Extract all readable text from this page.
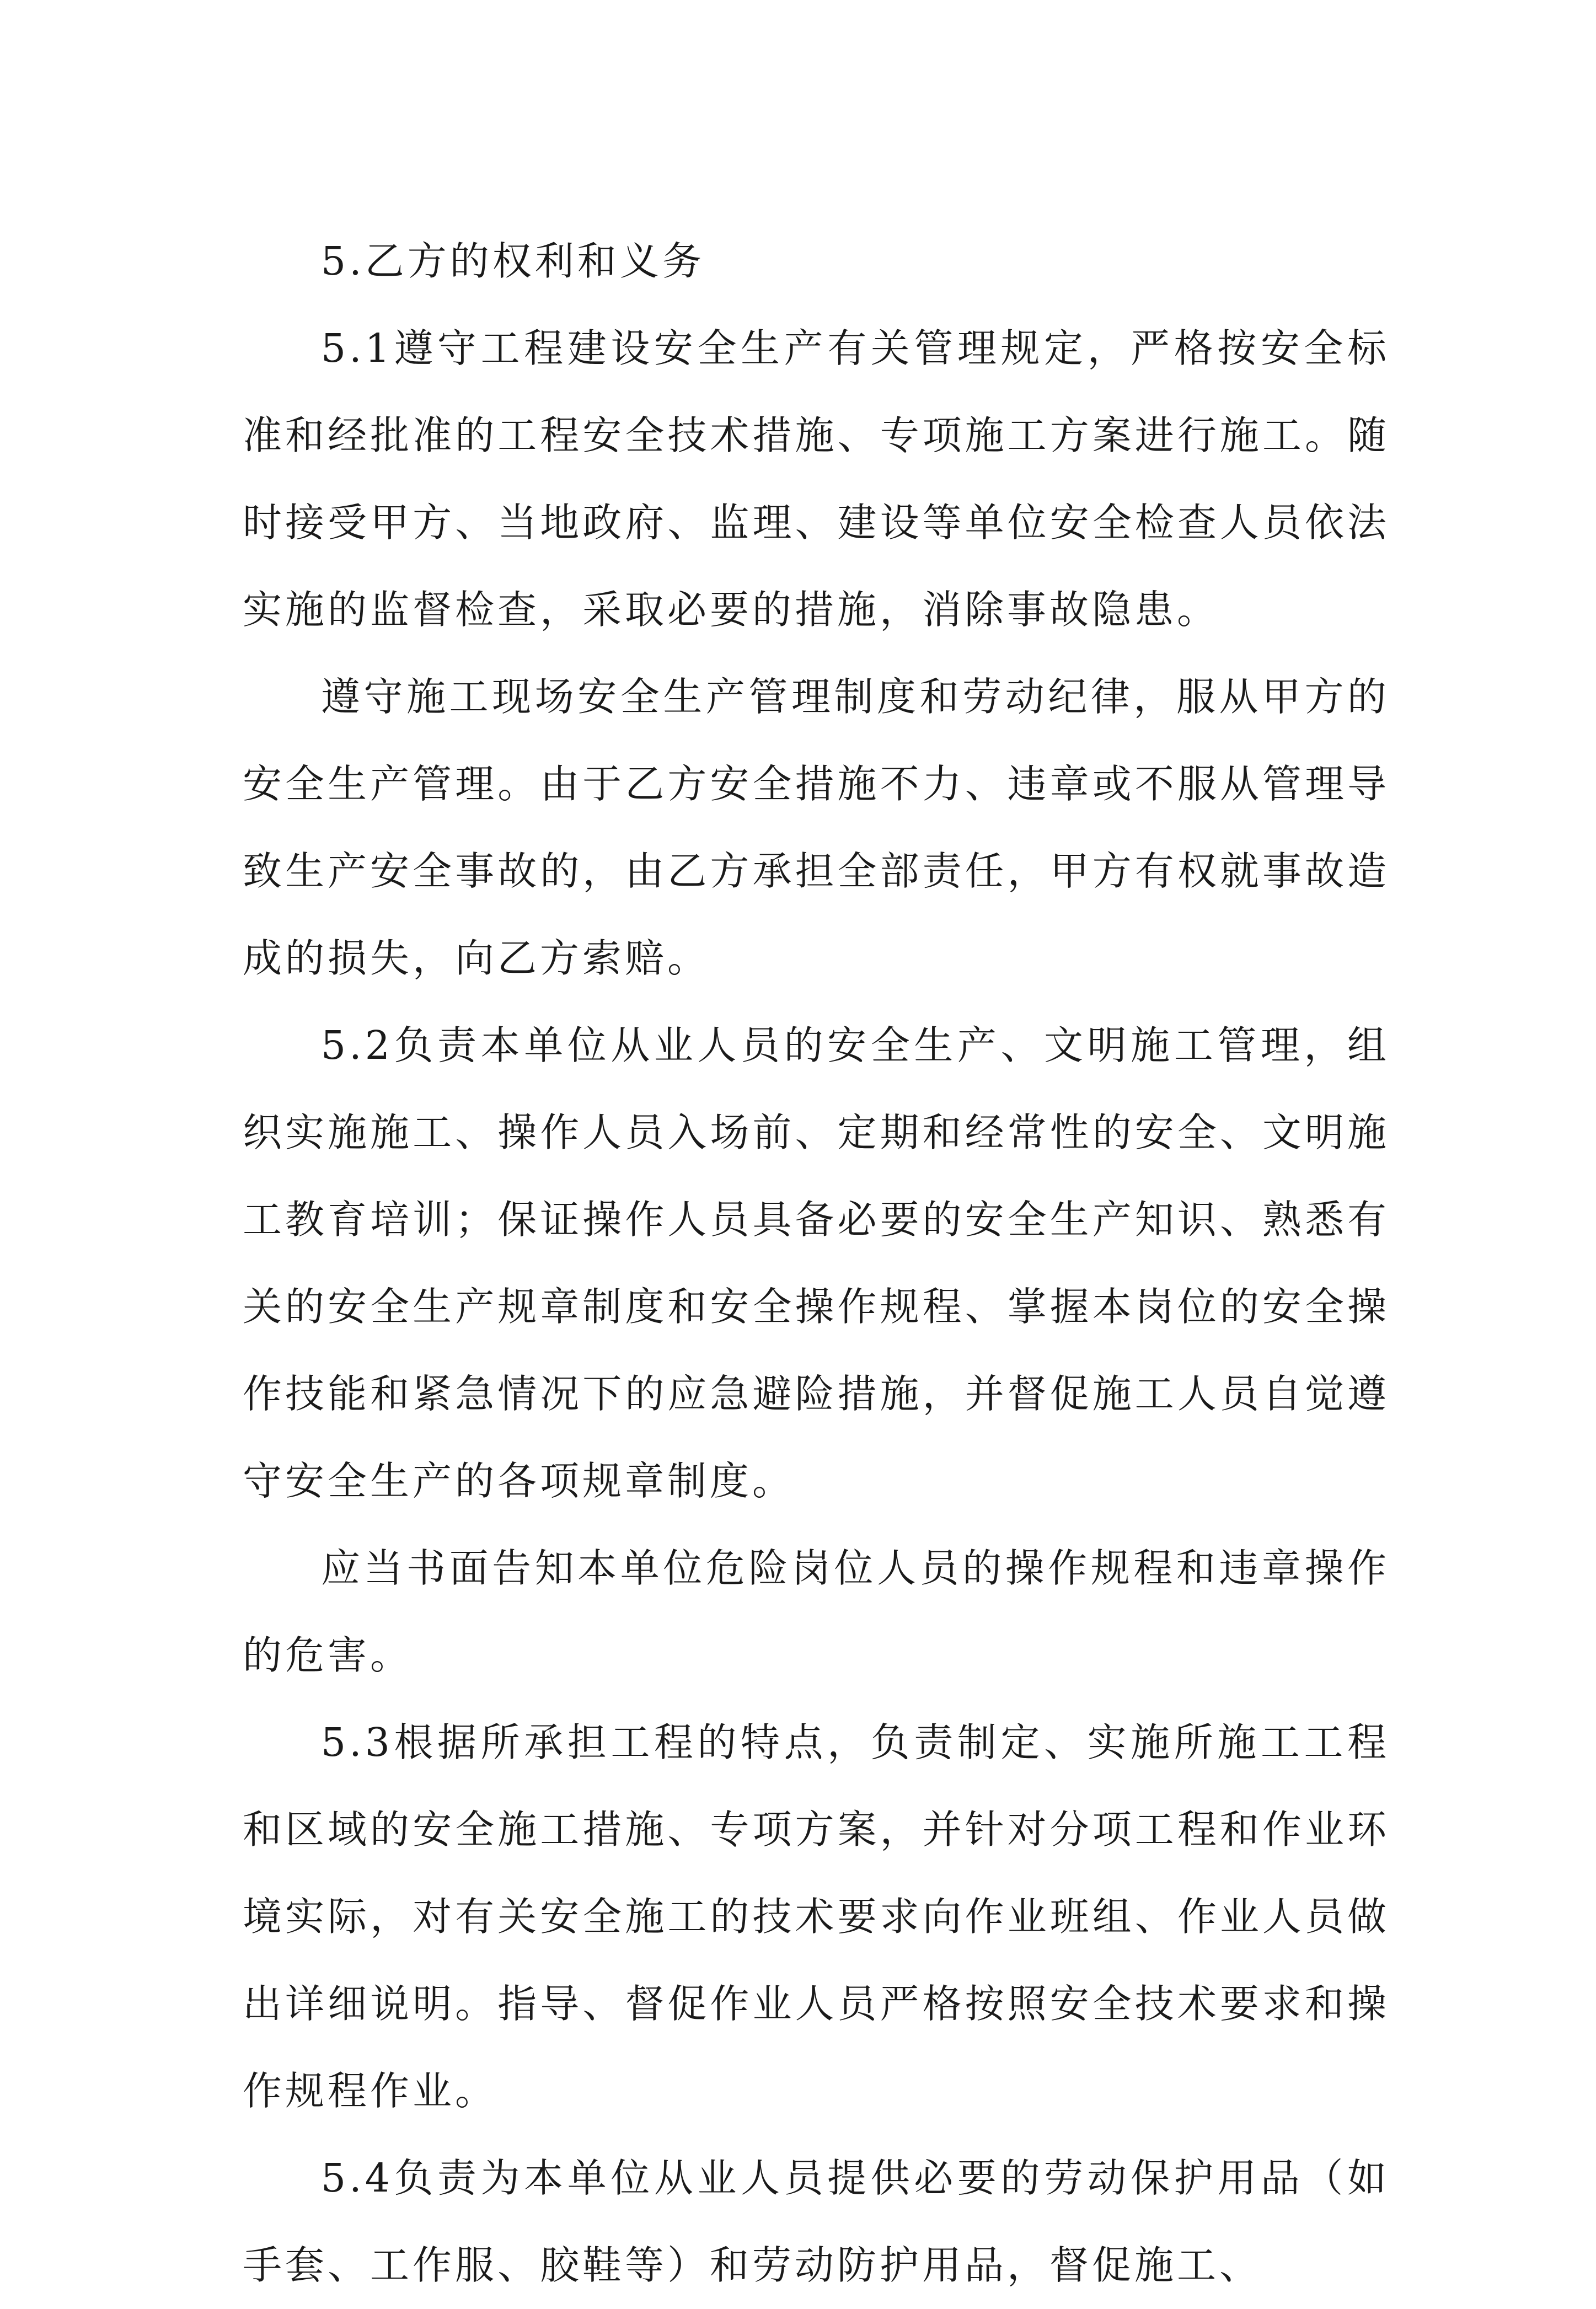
5.乙方的权利和义务

5.1遵守工程建设安全生产有关管理规定，严格按安全标准和经批准的工程安全技术措施、专项施工方案进行施工。随时接受甲方、当地政府、监理、建设等单位安全检查人员依法实施的监督检查，采取必要的措施，消除事故隐患。

遵守施工现场安全生产管理制度和劳动纪律，服从甲方的安全生产管理。由于乙方安全措施不力、违章或不服从管理导致生产安全事故的，由乙方承担全部责任，甲方有权就事故造成的损失，向乙方索赔。

5.2负责本单位从业人员的安全生产、文明施工管理，组织实施施工、操作人员入场前、定期和经常性的安全、文明施工教育培训；保证操作人员具备必要的安全生产知识、熟悉有关的安全生产规章制度和安全操作规程、掌握本岗位的安全操作技能和紧急情况下的应急避险措施，并督促施工人员自觉遵守安全生产的各项规章制度。

应当书面告知本单位危险岗位人员的操作规程和违章操作的危害。

5.3根据所承担工程的特点，负责制定、实施所施工工程和区域的安全施工措施、专项方案，并针对分项工程和作业环境实际，对有关安全施工的技术要求向作业班组、作业人员做出详细说明。指导、督促作业人员严格按照安全技术要求和操作规程作业。

5.4负责为本单位从业人员提供必要的劳动保护用品（如手套、工作服、胶鞋等）和劳动防护用品，督促施工、
